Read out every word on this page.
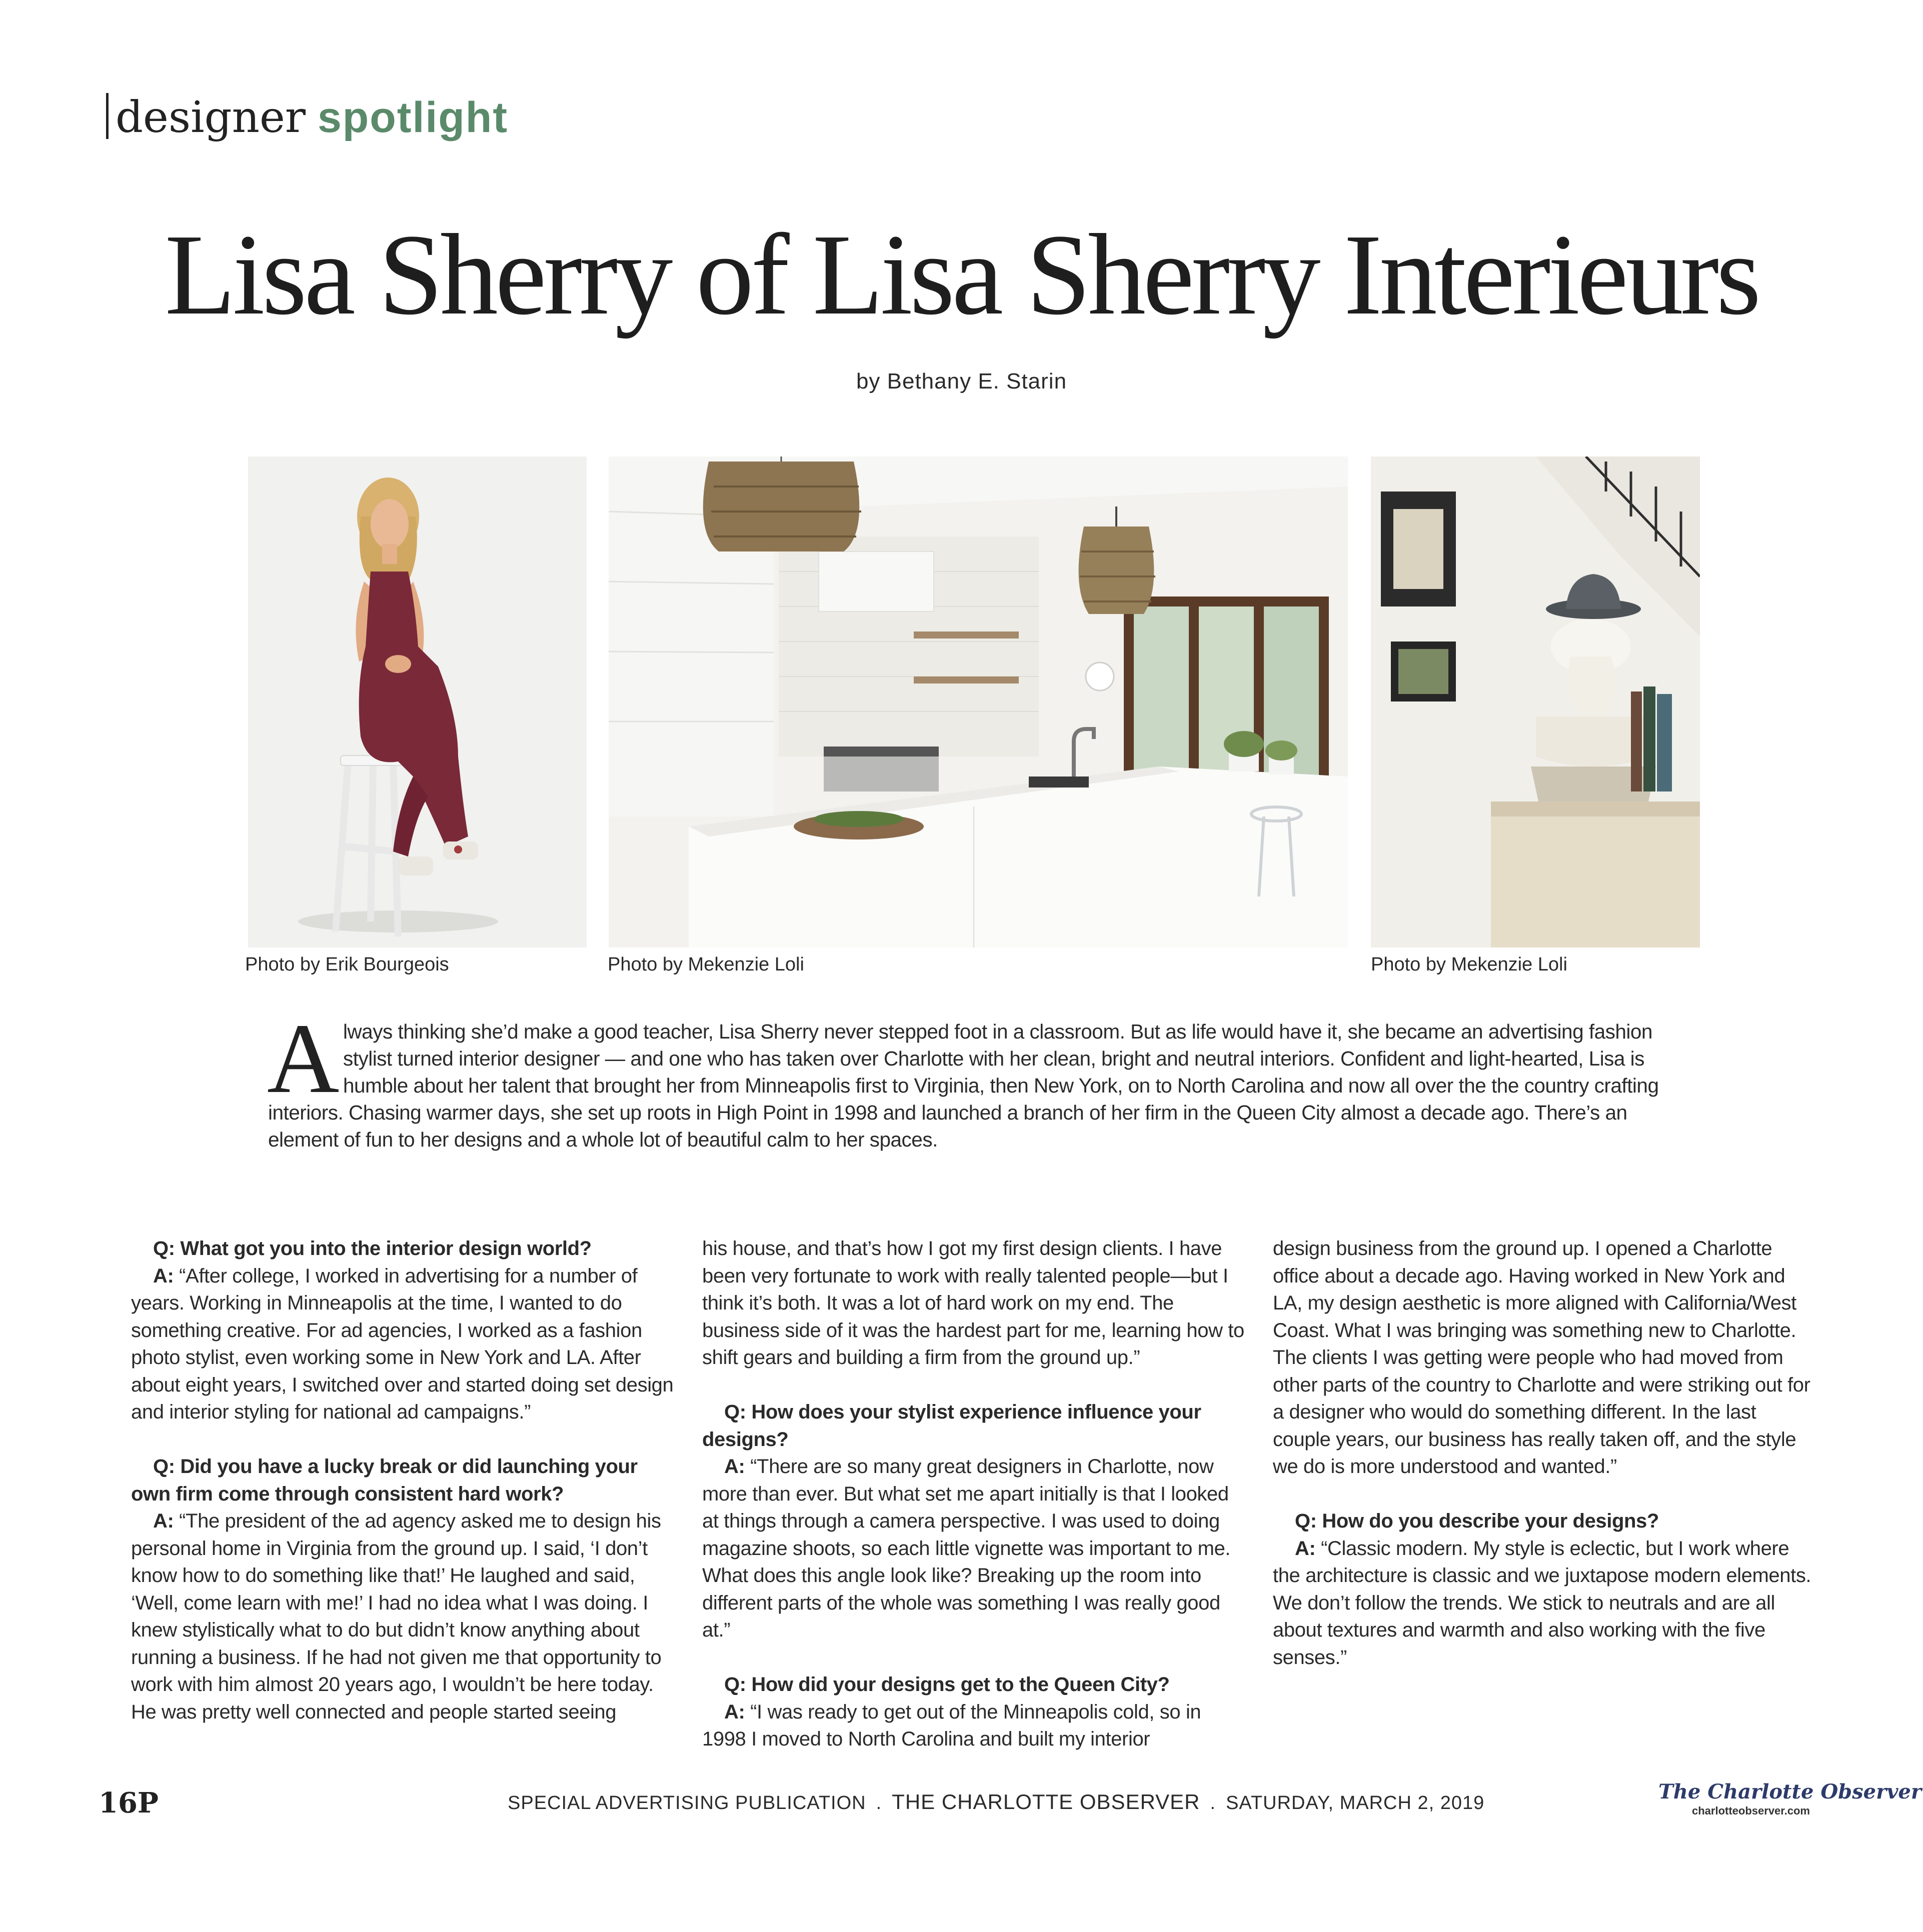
designer spotlight
Lisa Sherry of Lisa Sherry Interieurs
by Bethany E. Starin
Photo by Erik Bourgeois	Photo by Mekenzie Loli	Photo by Mekenzie Loli
Always thinking she’d make a good teacher, Lisa Sherry never stepped foot in a classroom. But as life would have it, she became an advertising fashion stylist turned interior designer — and one who has taken over Charlotte with her clean, bright and neutral interiors. Confident and light-hearted, Lisa is humble about her talent that brought her from Minneapolis first to Virginia, then New York, on to North Carolina and now all over the the country crafting interiors. Chasing warmer days, she set up roots in High Point in 1998 and launched a branch of her firm in the Queen City almost a decade ago. There’s an element of fun to her designs and a whole lot of beautiful calm to her spaces.

Q: What got you into the interior design world?

A: “After college, I worked in advertising for a number of years. Working in Minneapolis at the time, I wanted to do something creative. For ad agencies, I worked as a fashion photo stylist, even working some in New York and LA. After about eight years, I switched over and started doing set design and interior styling for national ad campaigns.”

Q: Did you have a lucky break or did launching your own firm come through consistent hard work?

A: “The president of the ad agency asked me to design his personal home in Virginia from the ground up. I said, ‘I don’t know how to do something like that!’ He laughed and said, ‘Well, come learn with me!’ I had no idea what I was doing. I knew stylistically what to do but didn’t know anything about running a business. If he had not given me that opportunity to work with him almost 20 years ago, I wouldn’t be here today. He was pretty well connected and people started seeing

his house, and that’s how I got my first design clients. I have been very fortunate to work with really talented people—but I think it’s both. It was a lot of hard work on my end. The business side of it was the hardest part for me, learning how to shift gears and building a firm from the ground up.”

Q: How does your stylist experience influence your designs?

A: “There are so many great designers in Charlotte, now more than ever. But what set me apart initially is that I looked at things through a camera perspective. I was used to doing magazine shoots, so each little vignette was important to me. What does this angle look like? Breaking up the room into different parts of the whole was something I was really good at.”

Q: How did your designs get to the Queen City?

A: “I was ready to get out of the Minneapolis cold, so in 1998 I moved to North Carolina and built my interior

design business from the ground up. I opened a Charlotte office about a decade ago. Having worked in New York and LA, my design aesthetic is more aligned with California/West Coast. What I was bringing was something new to Charlotte. The clients I was getting were people who had moved from other parts of the country to Charlotte and were striking out for a designer who would do something different. In the last couple years, our business has really taken off, and the style we do is more understood and wanted.”

Q: How do you describe your designs?

A: “Classic modern. My style is eclectic, but I work where the architecture is classic and we juxtapose modern elements. We don’t follow the trends. We stick to neutrals and are all about textures and warmth and also working with the five senses.”

16P	SPECIAL ADVERTISING PUBLICATION . THE CHARLOTTE OBSERVER . SATURDAY, MARCH 2, 2019	The Charlotte Observer
charlotteobserver.com
